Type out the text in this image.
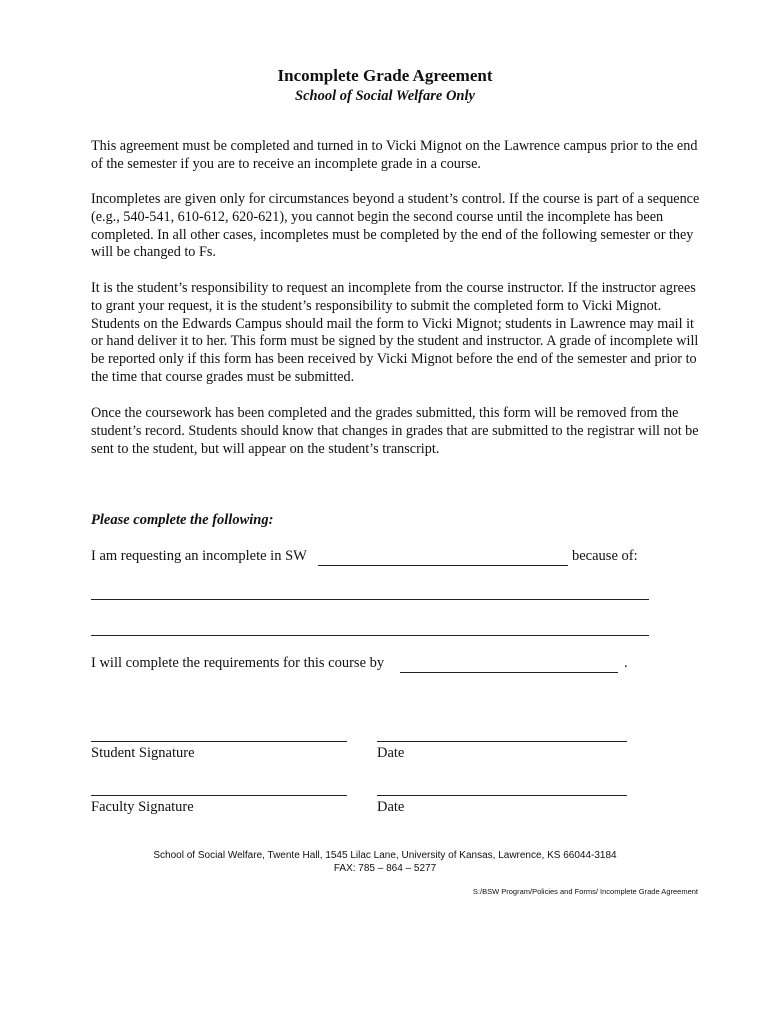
Incomplete Grade Agreement
School of Social Welfare Only

This agreement must be completed and turned in to Vicki Mignot on the Lawrence campus prior to the end of the semester if you are to receive an incomplete grade in a course.

Incompletes are given only for circumstances beyond a student’s control. If the course is part of a sequence (e.g., 540-541, 610-612, 620-621), you cannot begin the second course until the incomplete has been completed. In all other cases, incompletes must be completed by the end of the following semester or they will be changed to Fs.

It is the student’s responsibility to request an incomplete from the course instructor. If the instructor agrees to grant your request, it is the student’s responsibility to submit the completed form to Vicki Mignot. Students on the Edwards Campus should mail the form to Vicki Mignot; students in Lawrence may mail it or hand deliver it to her. This form must be signed by the student and instructor. A grade of incomplete will be reported only if this form has been received by Vicki Mignot before the end of the semester and prior to the time that course grades must be submitted.

Once the coursework has been completed and the grades submitted, this form will be removed from the student’s record. Students should know that changes in grades that are submitted to the registrar will not be sent to the student, but will appear on the student’s transcript.

Please complete the following:
I am requesting an incomplete in SW	because of:
I will complete the requirements for this course by	.
Student Signature	Date
Faculty Signature	Date
School of Social Welfare, Twente Hall, 1545 Lilac Lane, University of Kansas, Lawrence, KS 66044-3184
FAX: 785 – 864 – 5277
S:/BSW Program/Policies and Forms/ Incomplete Grade Agreement
